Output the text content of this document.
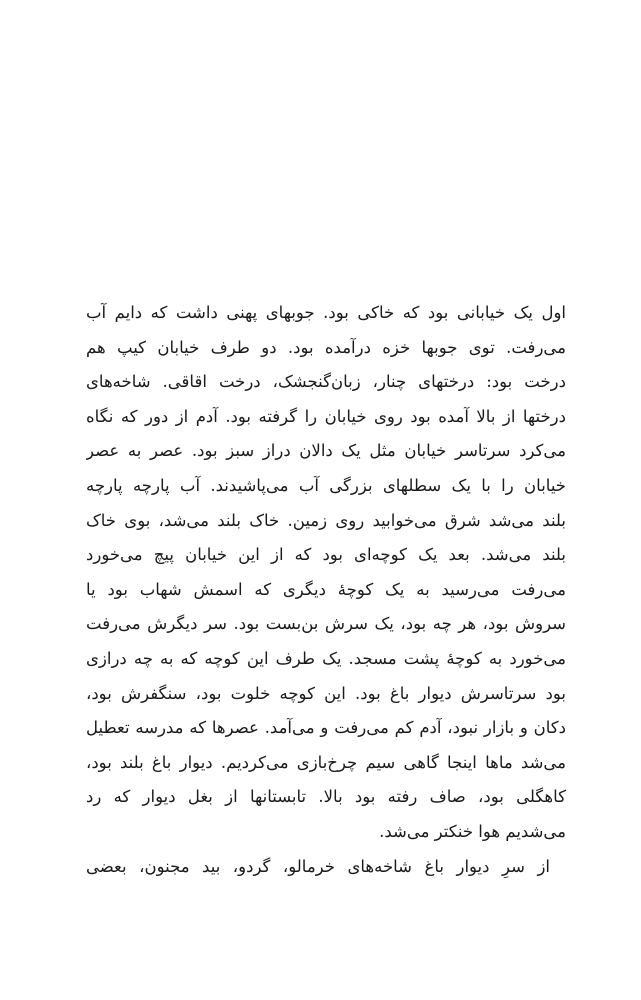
اول یک خیابانی بود که خاکی بود. جوبهای پهنی داشت که دایم آب
می‌رفت. توی جوبها خزه درآمده بود. دو طرف خیابان کیپ هم
درخت بود: درختهای چنار، زبان‌گنجشک، درخت اقاقی. شاخه‌های
درختها از بالا آمده بود روی خیابان را گرفته بود. آدم از دور که نگاه
می‌کرد سرتاسر خیابان مثل یک دالان دراز سبز بود. عصر به عصر
خیابان را با یک سطلهای بزرگی آب می‌پاشیدند. آب پارچه پارچه
بلند می‌شد شرق می‌خوابید روی زمین. خاک بلند می‌شد، بوی خاک
بلند می‌شد. بعد یک کوچه‌ای بود که از این خیابان پیچ می‌خورد
می‌رفت می‌رسید به یک کوچهٔ دیگری که اسمش شهاب بود یا
سروش بود، هر چه بود، یک سرش بن‌بست بود. سر دیگرش می‌رفت
می‌خورد به کوچهٔ پشت مسجد. یک طرف این کوچه که به چه درازی
بود سرتاسرش دیوار باغ بود. این کوچه خلوت بود، سنگفرش بود،
دکان و بازار نبود، آدم کم می‌رفت و می‌آمد. عصرها که مدرسه تعطیل
می‌شد ماها اینجا گاهی سیم چرخ‌بازی می‌کردیم. دیوار باغ بلند بود،
کاهگلی بود، صاف رفته بود بالا. تابستانها از بغل دیوار که رد
می‌شدیم هوا خنکتر می‌شد.
از سرِ دیوار باغ شاخه‌های خرمالو، گردو، بید مجنون، بعضی
